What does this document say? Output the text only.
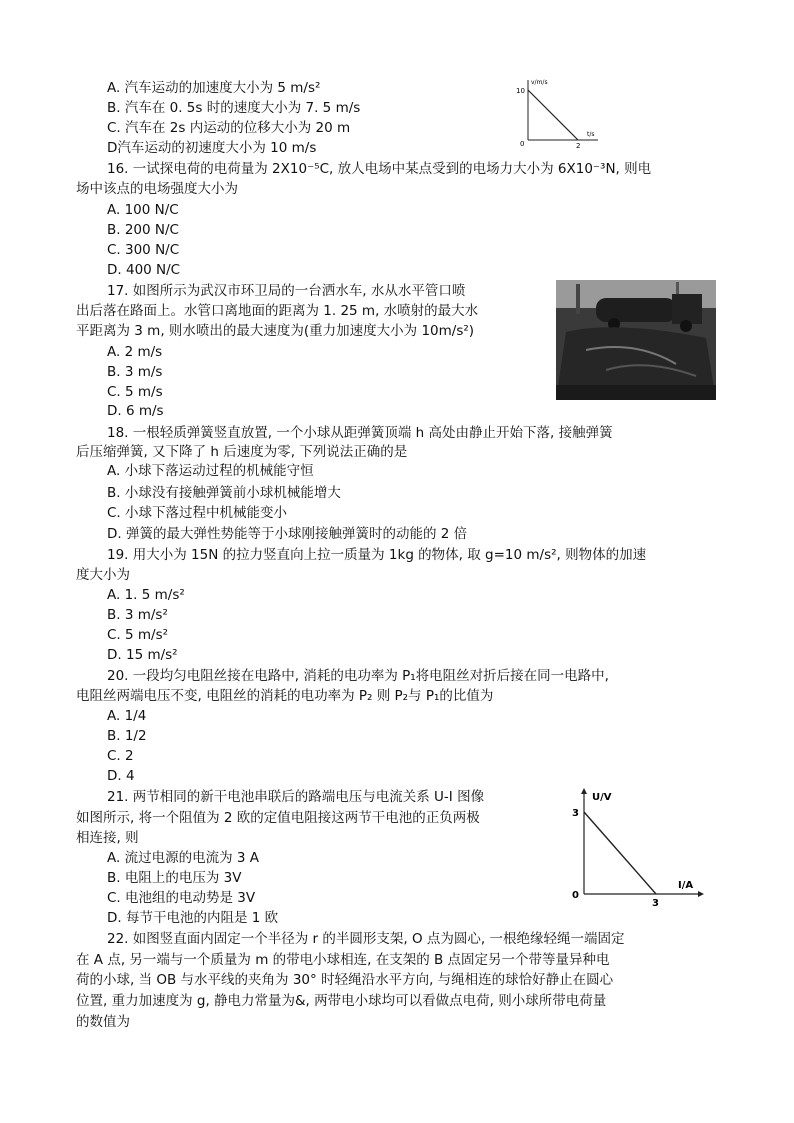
A. 汽车运动的加速度大小为 5 m/s²
B. 汽车在 0. 5s 时的速度大小为 7. 5 m/s
C. 汽车在 2s 内运动的位移大小为 20 m
D汽车运动的初速度大小为 10 m/s
v/m/s
t/s
10
2
0
16. 一试探电荷的电荷量为 2X10⁻⁵C, 放人电场中某点受到的电场力大小为 6X10⁻³N, 则电
场中该点的电场强度大小为
A. 100 N/C
B. 200 N/C
C. 300 N/C
D. 400 N/C
17. 如图所示为武汉市环卫局的一台洒水车, 水从水平管口喷
出后落在路面上。水管口离地面的距离为 1. 25 m, 水喷射的最大水
平距离为 3 m, 则水喷出的最大速度为(重力加速度大小为 10m/s²)
A. 2 m/s
B. 3 m/s
C. 5 m/s
D. 6 m/s
18. 一根轻质弹簧竖直放置, 一个小球从距弹簧顶端 h 高处由静止开始下落, 接触弹簧
后压缩弹簧, 又下降了 h 后速度为零, 下列说法正确的是
A. 小球下落运动过程的机械能守恒
B. 小球没有接触弹簧前小球机械能增大
C. 小球下落过程中机械能变小
D. 弹簧的最大弹性势能等于小球刚接触弹簧时的动能的 2 倍
19. 用大小为 15N 的拉力竖直向上拉一质量为 1kg 的物体, 取 g=10 m/s², 则物体的加速
度大小为
A. 1. 5 m/s²
B. 3 m/s²
C. 5 m/s²
D. 15 m/s²
20. 一段均匀电阻丝接在电路中, 消耗的电功率为 P₁将电阻丝对折后接在同一电路中,
电阻丝两端电压不变, 电阻丝的消耗的电功率为 P₂ 则 P₂与 P₁的比值为
A. 1/4
B. 1/2
C. 2
D. 4
21. 两节相同的新干电池串联后的路端电压与电流关系 U-I 图像
如图所示, 将一个阻值为 2 欧的定值电阻接这两节干电池的正负两极
相连接, 则
A. 流过电源的电流为 3 A
B. 电阻上的电压为 3V
C. 电池组的电动势是 3V
D. 每节干电池的内阻是 1 欧
U/V
I/A
3
3
0
22. 如图竖直面内固定一个半径为 r 的半圆形支架, O 点为圆心, 一根绝缘轻绳一端固定
在 A 点, 另一端与一个质量为 m 的带电小球相连, 在支架的 B 点固定另一个带等量异种电
荷的小球, 当 OB 与水平线的夹角为 30° 时轻绳沿水平方向, 与绳相连的球恰好静止在圆心
位置, 重力加速度为 g, 静电力常量为&, 两带电小球均可以看做点电荷, 则小球所带电荷量
的数值为
